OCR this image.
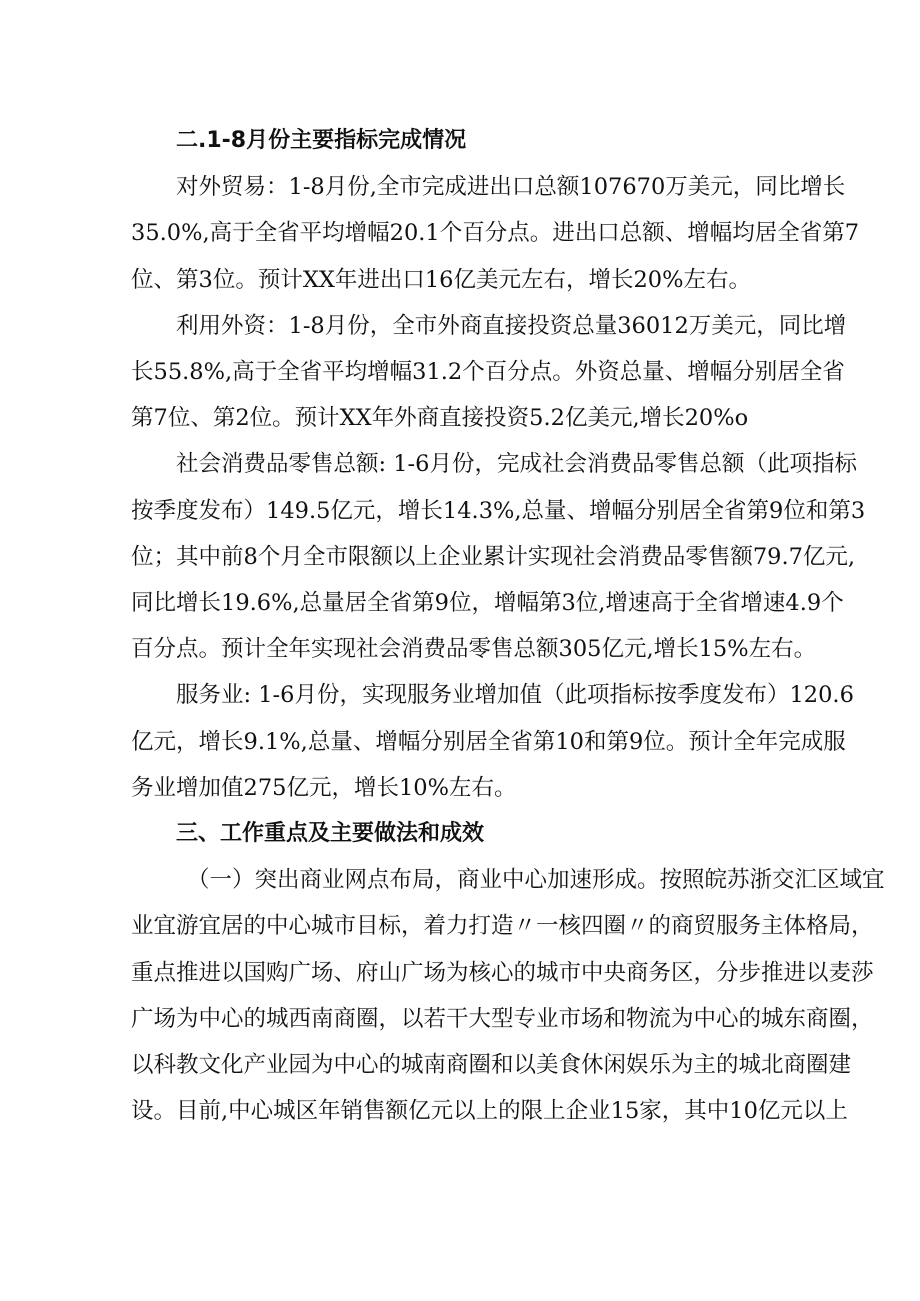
二.1-8月份主要指标完成情况
对外贸易：1-8月份,全市完成进出口总额107670万美元，同比增长
35.0%,高于全省平均增幅20.1个百分点。进出口总额、增幅均居全省第7
位、第3位。预计XX年进出口16亿美元左右，增长20%左右。
利用外资：1-8月份，全市外商直接投资总量36012万美元，同比增
长55.8%,高于全省平均增幅31.2个百分点。外资总量、增幅分别居全省
第7位、第2位。预计XX年外商直接投资5.2亿美元,增长20%o
社会消费品零售总额: 1-6月份，完成社会消费品零售总额（此项指标
按季度发布）149.5亿元，增长14.3%,总量、增幅分别居全省第9位和第3
位；其中前8个月全市限额以上企业累计实现社会消费品零售额79.7亿元,
同比增长19.6%,总量居全省第9位，增幅第3位,增速高于全省增速4.9个
百分点。预计全年实现社会消费品零售总额305亿元,增长15%左右。
服务业: 1-6月份，实现服务业增加值（此项指标按季度发布）120.6
亿元，增长9.1%,总量、增幅分别居全省第10和第9位。预计全年完成服
务业增加值275亿元，增长10%左右。
三、工作重点及主要做法和成效
（一）突出商业网点布局，商业中心加速形成。按照皖苏浙交汇区域宜
业宜游宜居的中心城市目标，着力打造〃一核四圈〃的商贸服务主体格局，
重点推进以国购广场、府山广场为核心的城市中央商务区，分步推进以麦莎
广场为中心的城西南商圈，以若干大型专业市场和物流为中心的城东商圈，
以科教文化产业园为中心的城南商圈和以美食休闲娱乐为主的城北商圈建
设。目前,中心城区年销售额亿元以上的限上企业15家，其中10亿元以上
